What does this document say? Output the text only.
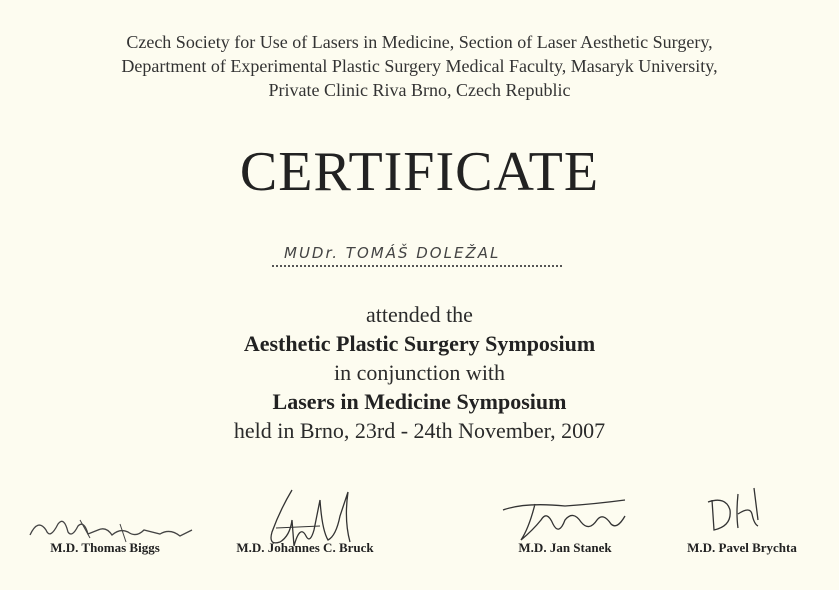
Czech Society for Use of Lasers in Medicine, Section of Laser Aesthetic Surgery,
Department of Experimental Plastic Surgery Medical Faculty, Masaryk University,
Private Clinic Riva Brno, Czech Republic
CERTIFICATE
MUDr. TOMÁŠ DOLEŽAL
attended the
Aesthetic Plastic Surgery Symposium
in conjunction with
Lasers in Medicine Symposium
held in Brno, 23rd - 24th November, 2007
M.D. Thomas Biggs	M.D. Johannes C. Bruck	M.D. Jan Stanek	M.D. Pavel Brychta
